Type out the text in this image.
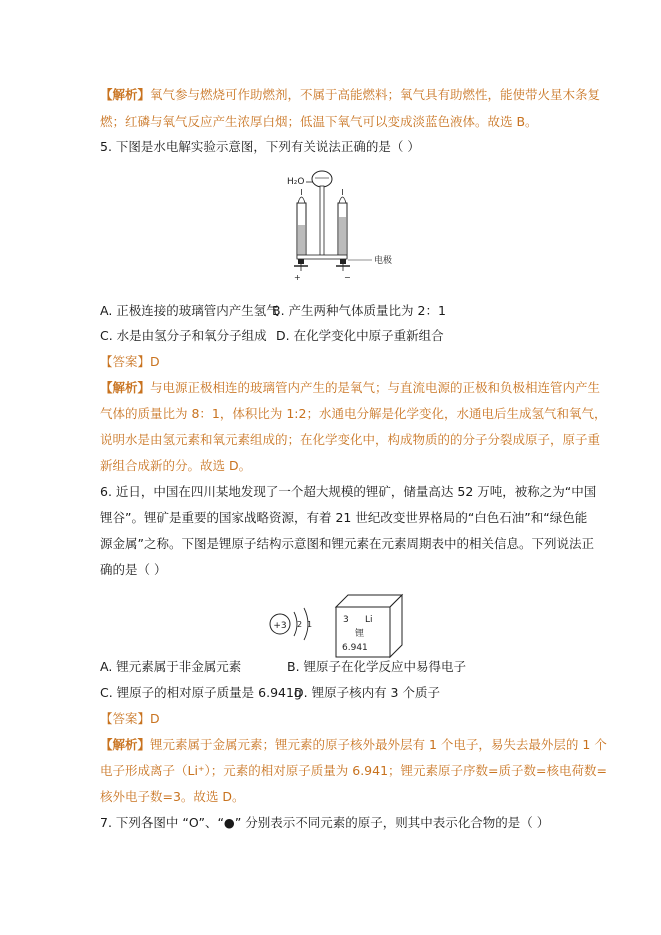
【解析】氧气参与燃烧可作助燃剂，不属于高能燃料；氧气具有助燃性，能使带火星木条复
燃；红磷与氧气反应产生浓厚白烟；低温下氧气可以变成淡蓝色液体。故选 B。
5. 下图是水电解实验示意图，下列有关说法正确的是（ ）
H₂O
+	−
电极
A. 正极连接的玻璃管内产生氢气
B. 产生两种气体质量比为 2：1
C. 水是由氢分子和氧分子组成 D. 在化学变化中原子重新组合
【答案】D
【解析】与电源正极相连的玻璃管内产生的是氧气；与直流电源的正极和负极相连管内产生
气体的质量比为 8：1，体积比为 1:2；水通电分解是化学变化，水通电后生成氢气和氧气，
说明水是由氢元素和氧元素组成的；在化学变化中，构成物质的的分子分裂成原子，原子重
新组合成新的分。故选 D。
6. 近日，中国在四川某地发现了一个超大规模的锂矿，储量高达 52 万吨，被称之为“中国
锂谷”。锂矿是重要的国家战略资源，有着 21 世纪改变世界格局的“白色石油”和“绿色能
源金属”之称。下图是锂原子结构示意图和锂元素在元素周期表中的相关信息。下列说法正
确的是（ ）
+3 2 1	3 Li
锂
6.941
A. 锂元素属于非金属元素	B. 锂原子在化学反应中易得电子
C. 锂原子的相对原子质量是 6.941g
D. 锂原子核内有 3 个质子
【答案】D
【解析】锂元素属于金属元素；锂元素的原子核外最外层有 1 个电子，易失去最外层的 1 个
电子形成离子（Li⁺）；元素的相对原子质量为 6.941；锂元素原子序数=质子数=核电荷数=
核外电子数=3。故选 D。
7. 下列各图中 “O”、“●” 分别表示不同元素的原子，则其中表示化合物的是（ ）
